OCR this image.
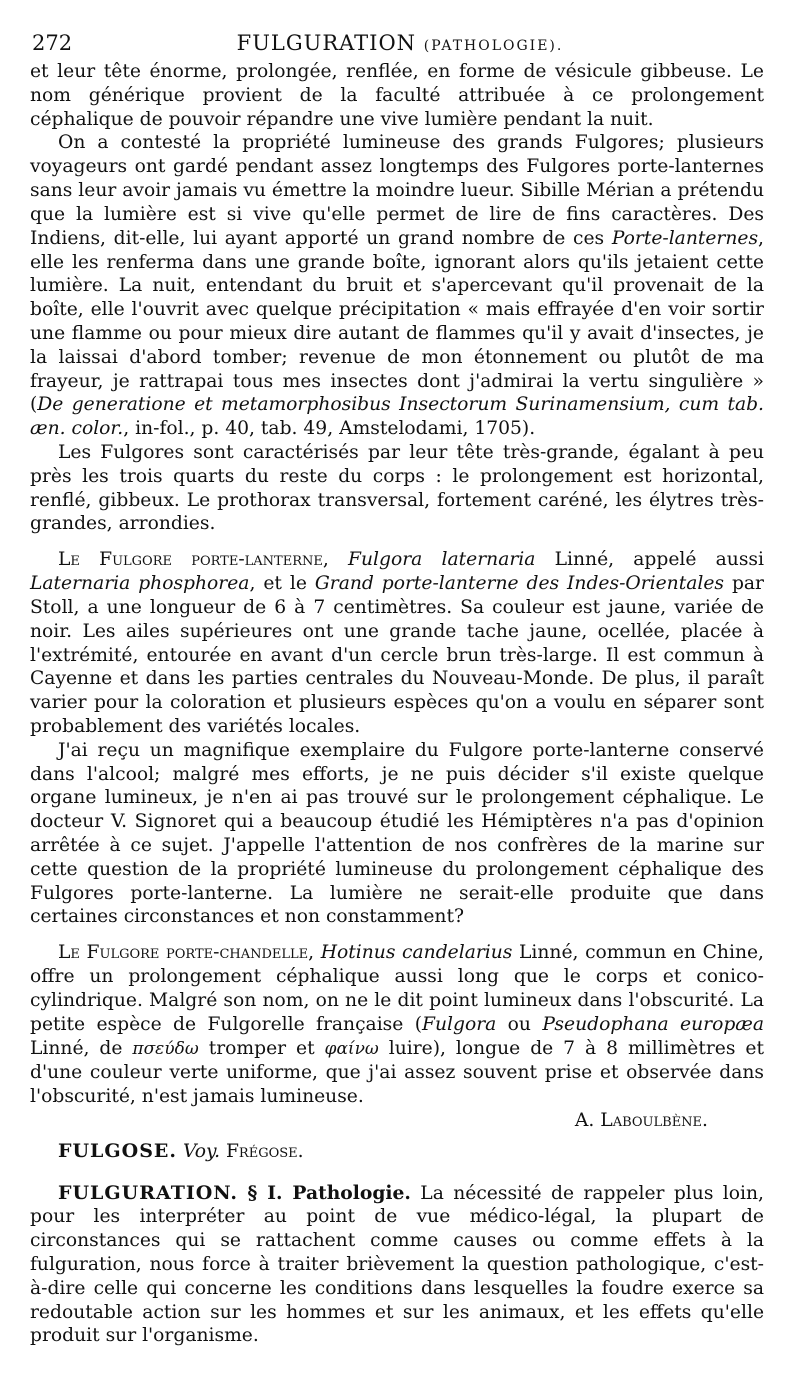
272	FULGURATION (PATHOLOGIE).

et leur tête énorme, prolongée, renflée, en forme de vésicule gibbeuse. Le nom générique provient de la faculté attribuée à ce prolongement céphalique de pouvoir répandre une vive lumière pendant la nuit.

On a contesté la propriété lumineuse des grands Fulgores; plusieurs voyageurs ont gardé pendant assez longtemps des Fulgores porte-lanternes sans leur avoir jamais vu émettre la moindre lueur. Sibille Mérian a prétendu que la lumière est si vive qu'elle permet de lire de fins caractères. Des Indiens, dit-elle, lui ayant apporté un grand nombre de ces Porte-lanternes, elle les renferma dans une grande boîte, ignorant alors qu'ils jetaient cette lumière. La nuit, entendant du bruit et s'apercevant qu'il provenait de la boîte, elle l'ouvrit avec quelque précipitation « mais effrayée d'en voir sortir une flamme ou pour mieux dire autant de flammes qu'il y avait d'insectes, je la laissai d'abord tomber; revenue de mon étonnement ou plutôt de ma frayeur, je rattrapai tous mes insectes dont j'admirai la vertu singulière » (De generatione et metamorphosibus Insectorum Surinamensium, cum tab. æn. color., in-fol., p. 40, tab. 49, Amstelodami, 1705).

Les Fulgores sont caractérisés par leur tête très-grande, égalant à peu près les trois quarts du reste du corps : le prolongement est horizontal, renflé, gibbeux. Le prothorax transversal, fortement caréné, les élytres très-grandes, arrondies.

Le Fulgore porte-lanterne, Fulgora laternaria Linné, appelé aussi Laternaria phosphorea, et le Grand porte-lanterne des Indes-Orientales par Stoll, a une longueur de 6 à 7 centimètres. Sa couleur est jaune, variée de noir. Les ailes supérieures ont une grande tache jaune, ocellée, placée à l'extrémité, entourée en avant d'un cercle brun très-large. Il est commun à Cayenne et dans les parties centrales du Nouveau-Monde. De plus, il paraît varier pour la coloration et plusieurs espèces qu'on a voulu en séparer sont probablement des variétés locales.

J'ai reçu un magnifique exemplaire du Fulgore porte-lanterne conservé dans l'alcool; malgré mes efforts, je ne puis décider s'il existe quelque organe lumineux, je n'en ai pas trouvé sur le prolongement céphalique. Le docteur V. Signoret qui a beaucoup étudié les Hémiptères n'a pas d'opinion arrêtée à ce sujet. J'appelle l'attention de nos confrères de la marine sur cette question de la propriété lumineuse du prolongement céphalique des Fulgores porte-lanterne. La lumière ne serait-elle produite que dans certaines circonstances et non constamment?

Le Fulgore porte-chandelle, Hotinus candelarius Linné, commun en Chine, offre un prolongement céphalique aussi long que le corps et conico-cylindrique. Malgré son nom, on ne le dit point lumineux dans l'obscurité. La petite espèce de Fulgorelle française (Fulgora ou Pseudophana europæa Linné, de πσεύδω tromper et φαίνω luire), longue de 7 à 8 millimètres et d'une couleur verte uniforme, que j'ai assez souvent prise et observée dans l'obscurité, n'est jamais lumineuse.

A. Laboulbène.

FULGOSE. Voy. Frégose.

FULGURATION. § I. Pathologie. La nécessité de rappeler plus loin, pour les interpréter au point de vue médico-légal, la plupart de circonstances qui se rattachent comme causes ou comme effets à la fulguration, nous force à traiter brièvement la question pathologique, c'est-à-dire celle qui concerne les conditions dans lesquelles la foudre exerce sa redoutable action sur les hommes et sur les animaux, et les effets qu'elle produit sur l'organisme.
